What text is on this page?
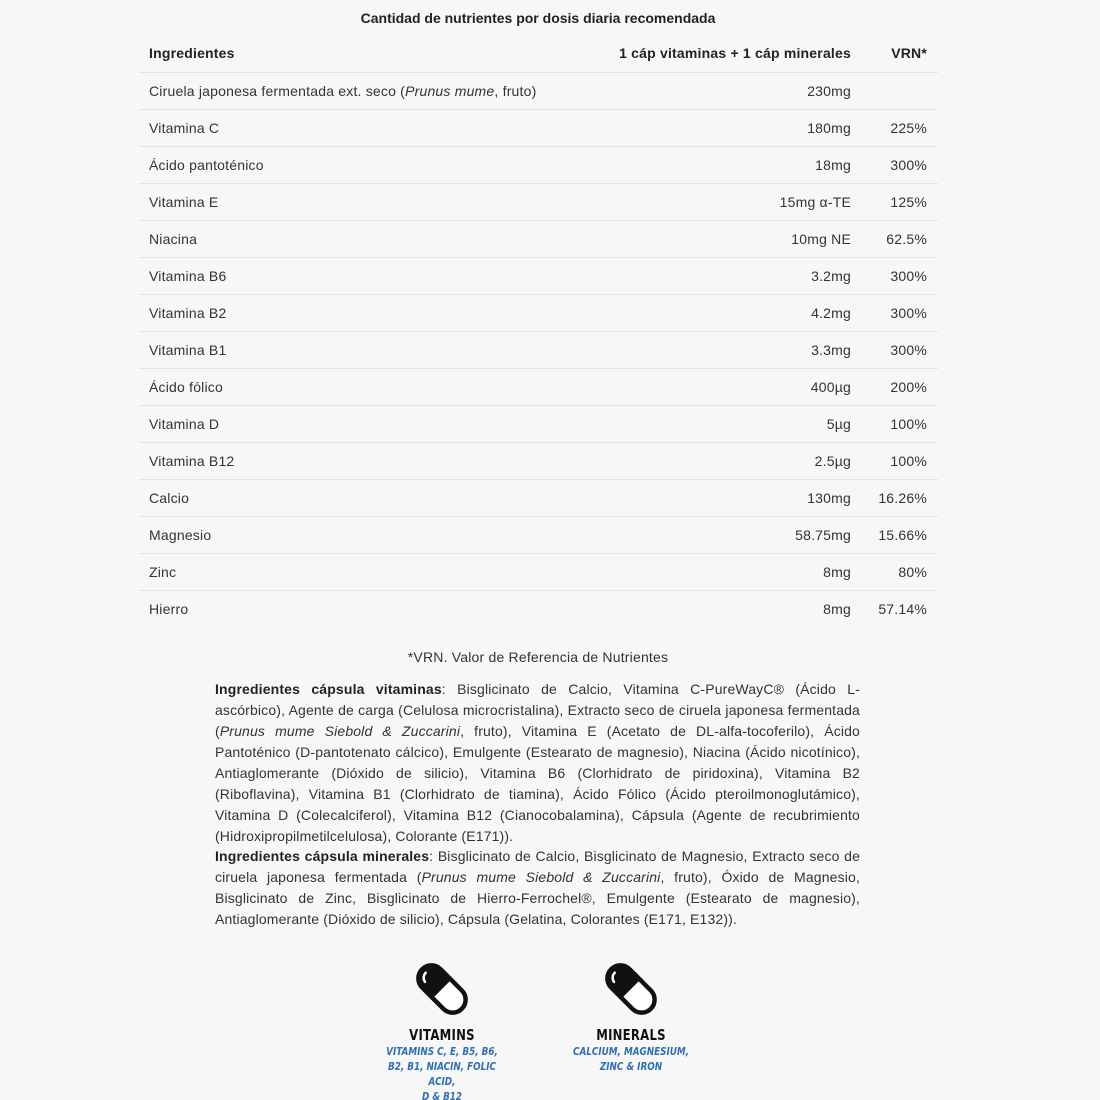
Cantidad de nutrientes por dosis diaria recomendada
Ingredientes	1 cáp vitaminas + 1 cáp minerales	VRN*
Ciruela japonesa fermentada ext. seco (Prunus mume, fruto)	230mg	
Vitamina C	180mg	225%
Ácido pantoténico	18mg	300%
Vitamina E	15mg α-TE	125%
Niacina	10mg NE	62.5%
Vitamina B6	3.2mg	300%
Vitamina B2	4.2mg	300%
Vitamina B1	3.3mg	300%
Ácido fólico	400µg	200%
Vitamina D	5µg	100%
Vitamina B12	2.5µg	100%
Calcio	130mg	16.26%
Magnesio	58.75mg	15.66%
Zinc	8mg	80%
Hierro	8mg	57.14%
*VRN. Valor de Referencia de Nutrientes

Ingredientes cápsula vitaminas: Bisglicinato de Calcio, Vitamina C-PureWayC® (Ácido L-ascórbico), Agente de carga (Celulosa microcristalina), Extracto seco de ciruela japonesa fermentada (Prunus mume Siebold & Zuccarini, fruto), Vitamina E (Acetato de DL-alfa-tocoferilo), Ácido Pantoténico (D-pantotenato cálcico), Emulgente (Estearato de magnesio), Niacina (Ácido nicotínico), Antiaglomerante (Dióxido de silicio), Vitamina B6 (Clorhidrato de piridoxina), Vitamina B2 (Riboflavina), Vitamina B1 (Clorhidrato de tiamina), Ácido Fólico (Ácido pteroilmonoglutámico), Vitamina D (Colecalciferol), Vitamina B12 (Cianocobalamina), Cápsula (Agente de recubrimiento (Hidroxipropilmetilcelulosa), Colorante (E171)).

Ingredientes cápsula minerales: Bisglicinato de Calcio, Bisglicinato de Magnesio, Extracto seco de ciruela japonesa fermentada (Prunus mume Siebold & Zuccarini, fruto), Óxido de Magnesio, Bisglicinato de Zinc, Bisglicinato de Hierro-Ferrochel®, Emulgente (Estearato de magnesio), Antiaglomerante (Dióxido de silicio), Cápsula (Gelatina, Colorantes (E171, E132)).

VITAMINS
VITAMINS C, E, B5, B6,
B2, B1, NIACIN, FOLIC ACID,
D & B12
MINERALS
CALCIUM, MAGNESIUM,
ZINC & IRON
